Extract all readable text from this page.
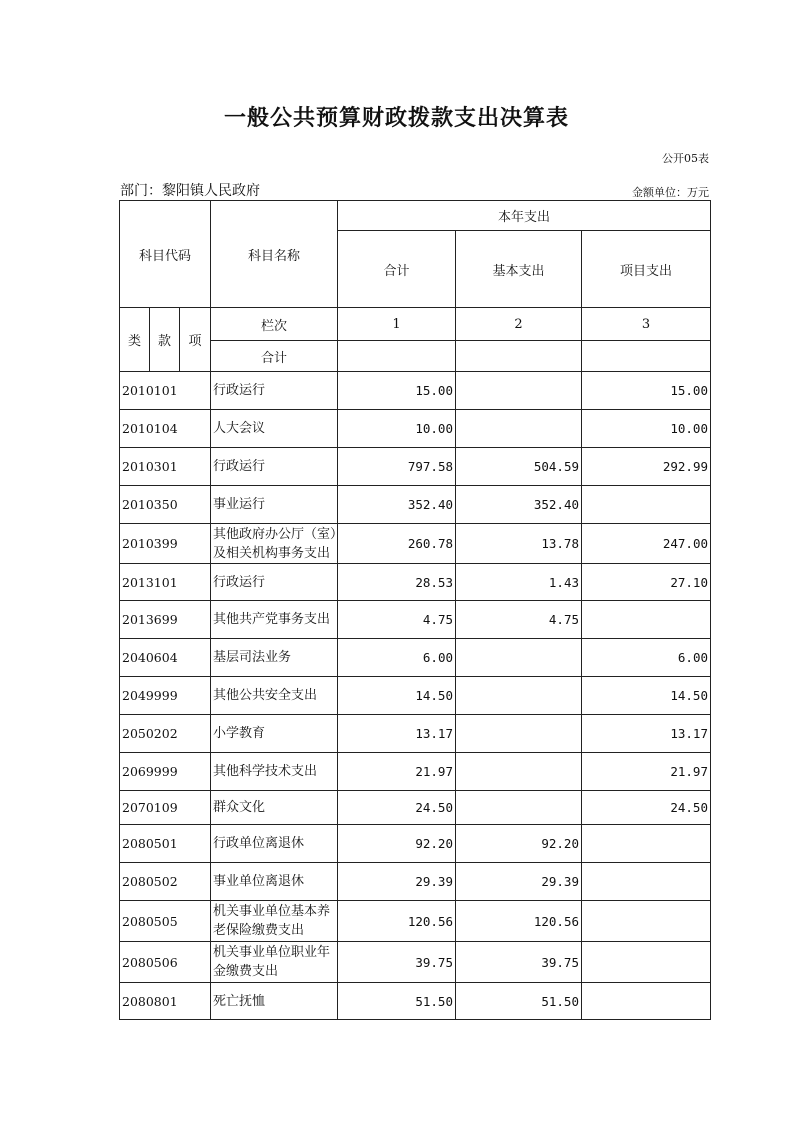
一般公共预算财政拨款支出决算表
公开05表
部门：黎阳镇人民政府	金额单位：万元
科目代码			科目名称	本年支出		
				合计	基本支出	项目支出
类	款	项	栏次	1	2	3
			合计			
2010101			行政运行	15.00		15.00
2010104			人大会议	10.00		10.00
2010301			行政运行	797.58	504.59	292.99
2010350			事业运行	352.40	352.40	
2010399			其他政府办公厅（室）及相关机构事务支出	260.78	13.78	247.00
2013101			行政运行	28.53	1.43	27.10
2013699			其他共产党事务支出	4.75	4.75	
2040604			基层司法业务	6.00		6.00
2049999			其他公共安全支出	14.50		14.50
2050202			小学教育	13.17		13.17
2069999			其他科学技术支出	21.97		21.97
2070109			群众文化	24.50		24.50
2080501			行政单位离退休	92.20	92.20	
2080502			事业单位离退休	29.39	29.39	
2080505			机关事业单位基本养老保险缴费支出	120.56	120.56	
2080506			机关事业单位职业年金缴费支出	39.75	39.75	
2080801			死亡抚恤	51.50	51.50	
